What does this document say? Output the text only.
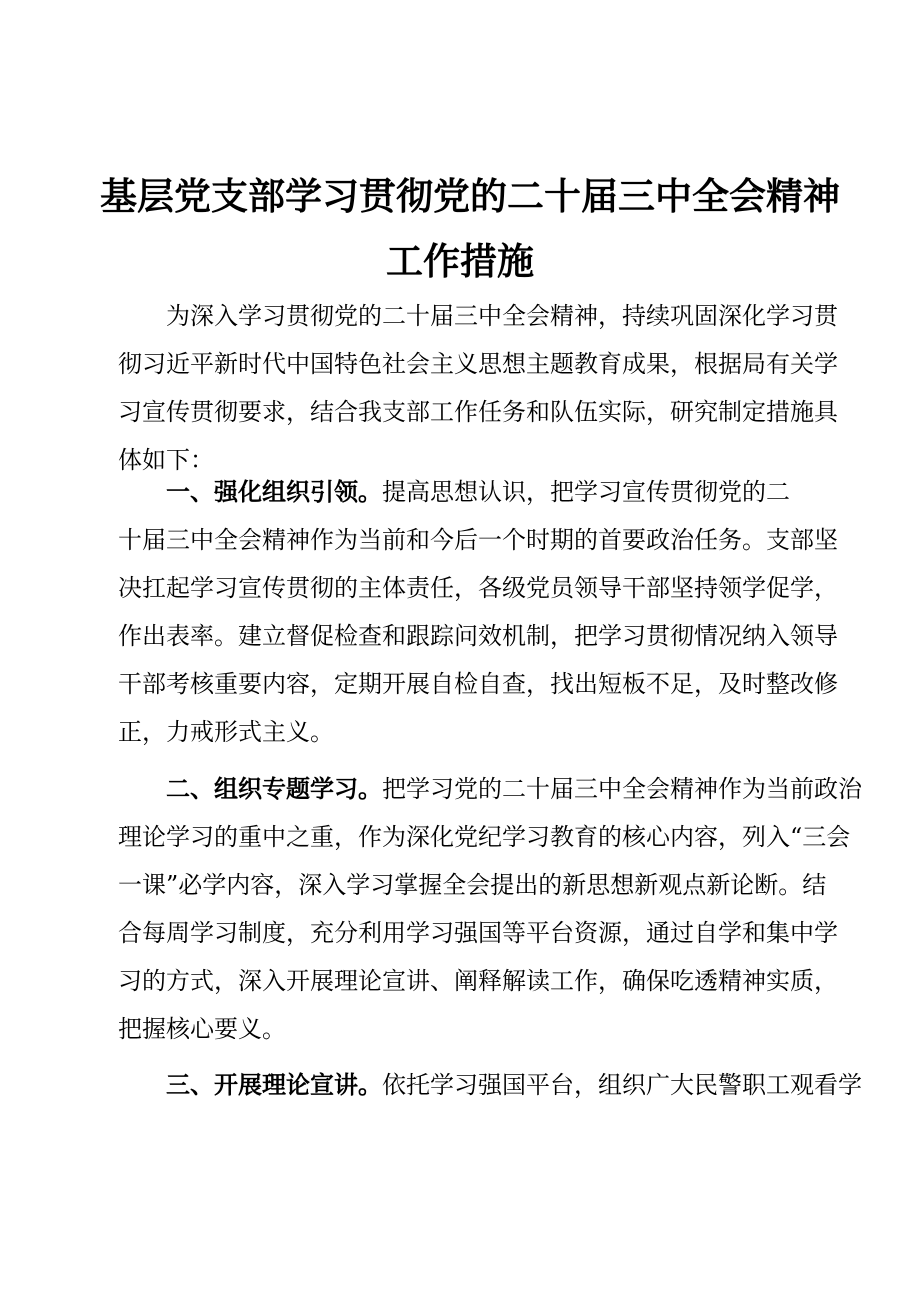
基层党支部学习贯彻党的二十届三中全会精神
工作措施
为深入学习贯彻党的二十届三中全会精神，持续巩固深化学习贯
彻习近平新时代中国特色社会主义思想主题教育成果，根据局有关学
习宣传贯彻要求，结合我支部工作任务和队伍实际，研究制定措施具
体如下：
一、强化组织引领。提高思想认识，把学习宣传贯彻党的二
十届三中全会精神作为当前和今后一个时期的首要政治任务。支部坚
决扛起学习宣传贯彻的主体责任，各级党员领导干部坚持领学促学，
作出表率。建立督促检查和跟踪问效机制，把学习贯彻情况纳入领导
干部考核重要内容，定期开展自检自查，找出短板不足，及时整改修
正，力戒形式主义。
二、组织专题学习。把学习党的二十届三中全会精神作为当前政治
理论学习的重中之重，作为深化党纪学习教育的核心内容，列入“三会
一课”必学内容，深入学习掌握全会提出的新思想新观点新论断。结
合每周学习制度，充分利用学习强国等平台资源，通过自学和集中学
习的方式，深入开展理论宣讲、阐释解读工作，确保吃透精神实质，
把握核心要义。
三、开展理论宣讲。依托学习强国平台，组织广大民警职工观看学
